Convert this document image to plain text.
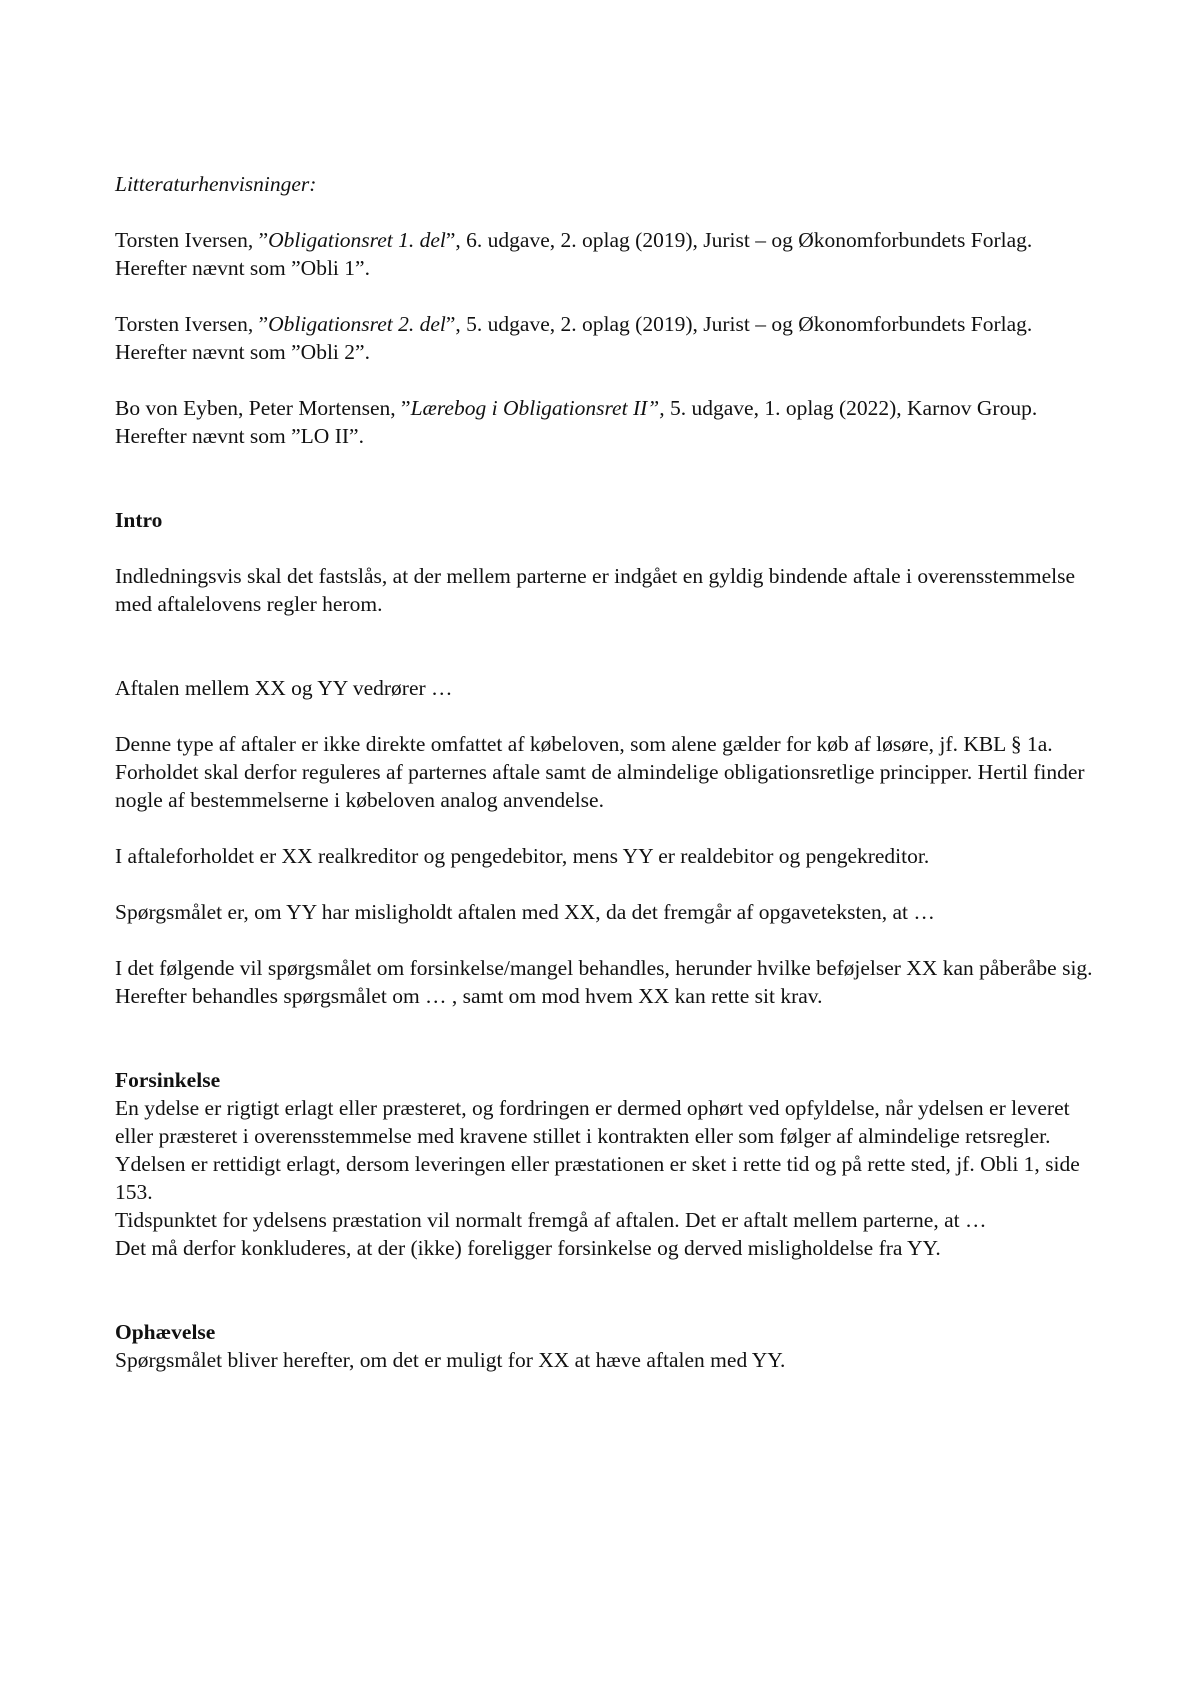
Litteraturhenvisninger:

Torsten Iversen, ”Obligationsret 1. del”, 6. udgave, 2. oplag (2019), Jurist – og Økonomforbundets Forlag. Herefter nævnt som ”Obli 1”.

Torsten Iversen, ”Obligationsret 2. del”, 5. udgave, 2. oplag (2019), Jurist – og Økonomforbundets Forlag. Herefter nævnt som ”Obli 2”.

Bo von Eyben, Peter Mortensen, ”Lærebog i Obligationsret II”, 5. udgave, 1. oplag (2022), Karnov Group. Herefter nævnt som ”LO II”.

Intro

Indledningsvis skal det fastslås, at der mellem parterne er indgået en gyldig bindende aftale i overensstemmelse med aftalelovens regler herom.

Aftalen mellem XX og YY vedrører …

Denne type af aftaler er ikke direkte omfattet af købeloven, som alene gælder for køb af løsøre, jf. KBL § 1a.

Forholdet skal derfor reguleres af parternes aftale samt de almindelige obligationsretlige principper. Hertil finder nogle af bestemmelserne i købeloven analog anvendelse.

I aftaleforholdet er XX realkreditor og pengedebitor, mens YY er realdebitor og pengekreditor.

Spørgsmålet er, om YY har misligholdt aftalen med XX, da det fremgår af opgaveteksten, at …

I det følgende vil spørgsmålet om forsinkelse/mangel behandles, herunder hvilke beføjelser XX kan påberåbe sig.

Herefter behandles spørgsmålet om … , samt om mod hvem XX kan rette sit krav.

Forsinkelse

En ydelse er rigtigt erlagt eller præsteret, og fordringen er dermed ophørt ved opfyldelse, når ydelsen er leveret eller præsteret i overensstemmelse med kravene stillet i kontrakten eller som følger af almindelige retsregler.

Ydelsen er rettidigt erlagt, dersom leveringen eller præstationen er sket i rette tid og på rette sted, jf. Obli 1, side 153.

Tidspunktet for ydelsens præstation vil normalt fremgå af aftalen. Det er aftalt mellem parterne, at …

Det må derfor konkluderes, at der (ikke) foreligger forsinkelse og derved misligholdelse fra YY.

Ophævelse

Spørgsmålet bliver herefter, om det er muligt for XX at hæve aftalen med YY.
